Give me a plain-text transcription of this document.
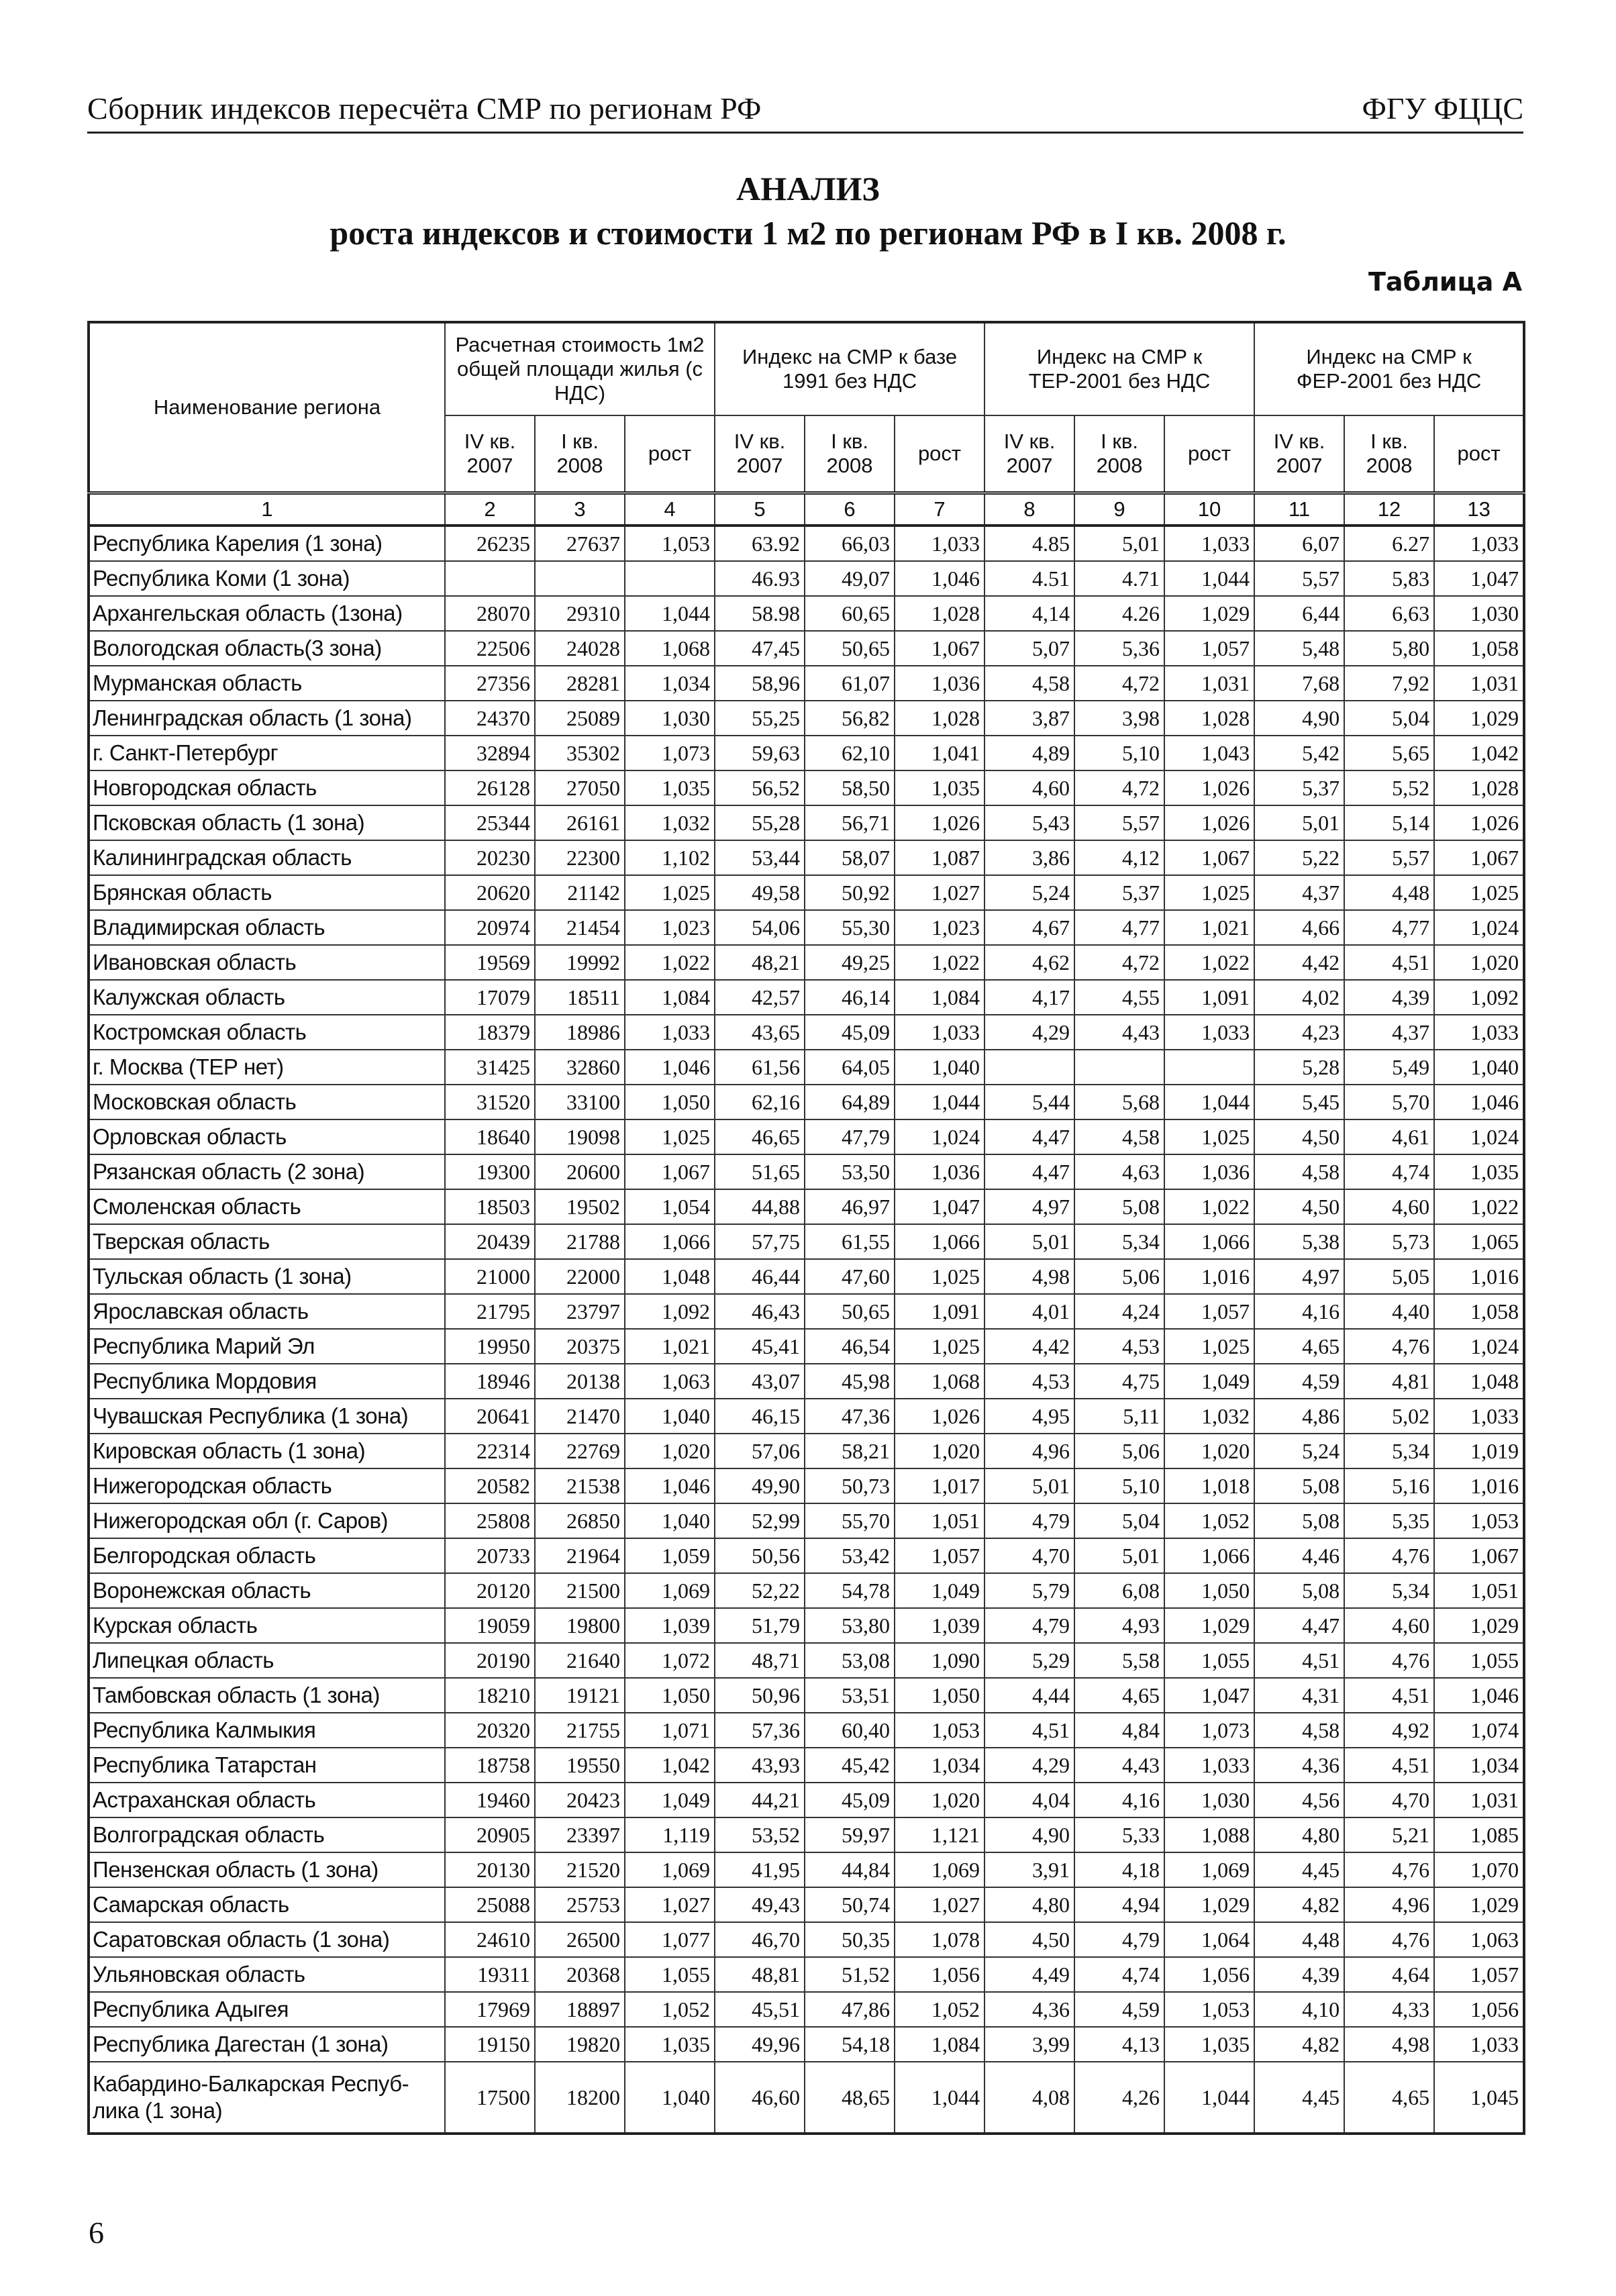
Сборник индексов пересчёта СМР по регионам РФ	ФГУ ФЦЦС
АНАЛИЗ
роста индексов и стоимости 1 м2 по регионам РФ в I кв. 2008 г.
Таблица А
Наименование региона	Расчетная стоимость 1м2 общей площади жилья (с НДС)			Индекс на СМР к базе 1991 без НДС			Индекс на СМР к ТЕР-2001 без НДС			Индекс на СМР к ФЕР-2001 без НДС		
	IV кв. 2007	I кв. 2008	рост	IV кв. 2007	I кв. 2008	рост	IV кв. 2007	I кв. 2008	рост	IV кв. 2007	I кв. 2008	рост
1	2	3	4	5	6	7	8	9	10	11	12	13
Республика Карелия (1 зона)	26235	27637	1,053	63.92	66,03	1,033	4.85	5,01	1,033	6,07	6.27	1,033
Республика Коми (1 зона)				46.93	49,07	1,046	4.51	4.71	1,044	5,57	5,83	1,047
Архангельская область (1зона)	28070	29310	1,044	58.98	60,65	1,028	4,14	4.26	1,029	6,44	6,63	1,030
Вологодская область(3 зона)	22506	24028	1,068	47,45	50,65	1,067	5,07	5,36	1,057	5,48	5,80	1,058
Мурманская область	27356	28281	1,034	58,96	61,07	1,036	4,58	4,72	1,031	7,68	7,92	1,031
Ленинградская область (1 зона)	24370	25089	1,030	55,25	56,82	1,028	3,87	3,98	1,028	4,90	5,04	1,029
г. Санкт-Петербург	32894	35302	1,073	59,63	62,10	1,041	4,89	5,10	1,043	5,42	5,65	1,042
Новгородская область	26128	27050	1,035	56,52	58,50	1,035	4,60	4,72	1,026	5,37	5,52	1,028
Псковская область (1 зона)	25344	26161	1,032	55,28	56,71	1,026	5,43	5,57	1,026	5,01	5,14	1,026
Калининградская область	20230	22300	1,102	53,44	58,07	1,087	3,86	4,12	1,067	5,22	5,57	1,067
Брянская область	20620	21142	1,025	49,58	50,92	1,027	5,24	5,37	1,025	4,37	4,48	1,025
Владимирская область	20974	21454	1,023	54,06	55,30	1,023	4,67	4,77	1,021	4,66	4,77	1,024
Ивановская область	19569	19992	1,022	48,21	49,25	1,022	4,62	4,72	1,022	4,42	4,51	1,020
Калужская область	17079	18511	1,084	42,57	46,14	1,084	4,17	4,55	1,091	4,02	4,39	1,092
Костромская область	18379	18986	1,033	43,65	45,09	1,033	4,29	4,43	1,033	4,23	4,37	1,033
г. Москва (ТЕР нет)	31425	32860	1,046	61,56	64,05	1,040				5,28	5,49	1,040
Московская область	31520	33100	1,050	62,16	64,89	1,044	5,44	5,68	1,044	5,45	5,70	1,046
Орловская область	18640	19098	1,025	46,65	47,79	1,024	4,47	4,58	1,025	4,50	4,61	1,024
Рязанская область (2 зона)	19300	20600	1,067	51,65	53,50	1,036	4,47	4,63	1,036	4,58	4,74	1,035
Смоленская область	18503	19502	1,054	44,88	46,97	1,047	4,97	5,08	1,022	4,50	4,60	1,022
Тверская область	20439	21788	1,066	57,75	61,55	1,066	5,01	5,34	1,066	5,38	5,73	1,065
Тульская область (1 зона)	21000	22000	1,048	46,44	47,60	1,025	4,98	5,06	1,016	4,97	5,05	1,016
Ярославская область	21795	23797	1,092	46,43	50,65	1,091	4,01	4,24	1,057	4,16	4,40	1,058
Республика Марий Эл	19950	20375	1,021	45,41	46,54	1,025	4,42	4,53	1,025	4,65	4,76	1,024
Республика Мордовия	18946	20138	1,063	43,07	45,98	1,068	4,53	4,75	1,049	4,59	4,81	1,048
Чувашская Республика (1 зона)	20641	21470	1,040	46,15	47,36	1,026	4,95	5,11	1,032	4,86	5,02	1,033
Кировская область (1 зона)	22314	22769	1,020	57,06	58,21	1,020	4,96	5,06	1,020	5,24	5,34	1,019
Нижегородская область	20582	21538	1,046	49,90	50,73	1,017	5,01	5,10	1,018	5,08	5,16	1,016
Нижегородская обл (г. Саров)	25808	26850	1,040	52,99	55,70	1,051	4,79	5,04	1,052	5,08	5,35	1,053
Белгородская область	20733	21964	1,059	50,56	53,42	1,057	4,70	5,01	1,066	4,46	4,76	1,067
Воронежская область	20120	21500	1,069	52,22	54,78	1,049	5,79	6,08	1,050	5,08	5,34	1,051
Курская область	19059	19800	1,039	51,79	53,80	1,039	4,79	4,93	1,029	4,47	4,60	1,029
Липецкая область	20190	21640	1,072	48,71	53,08	1,090	5,29	5,58	1,055	4,51	4,76	1,055
Тамбовская область (1 зона)	18210	19121	1,050	50,96	53,51	1,050	4,44	4,65	1,047	4,31	4,51	1,046
Республика Калмыкия	20320	21755	1,071	57,36	60,40	1,053	4,51	4,84	1,073	4,58	4,92	1,074
Республика Татарстан	18758	19550	1,042	43,93	45,42	1,034	4,29	4,43	1,033	4,36	4,51	1,034
Астраханская область	19460	20423	1,049	44,21	45,09	1,020	4,04	4,16	1,030	4,56	4,70	1,031
Волгоградская область	20905	23397	1,119	53,52	59,97	1,121	4,90	5,33	1,088	4,80	5,21	1,085
Пензенская область (1 зона)	20130	21520	1,069	41,95	44,84	1,069	3,91	4,18	1,069	4,45	4,76	1,070
Самарская область	25088	25753	1,027	49,43	50,74	1,027	4,80	4,94	1,029	4,82	4,96	1,029
Саратовская область (1 зона)	24610	26500	1,077	46,70	50,35	1,078	4,50	4,79	1,064	4,48	4,76	1,063
Ульяновская область	19311	20368	1,055	48,81	51,52	1,056	4,49	4,74	1,056	4,39	4,64	1,057
Республика Адыгея	17969	18897	1,052	45,51	47,86	1,052	4,36	4,59	1,053	4,10	4,33	1,056
Республика Дагестан (1 зона)	19150	19820	1,035	49,96	54,18	1,084	3,99	4,13	1,035	4,82	4,98	1,033
Кабардино-Балкарская Респуб-лика (1 зона)	17500	18200	1,040	46,60	48,65	1,044	4,08	4,26	1,044	4,45	4,65	1,045
6
